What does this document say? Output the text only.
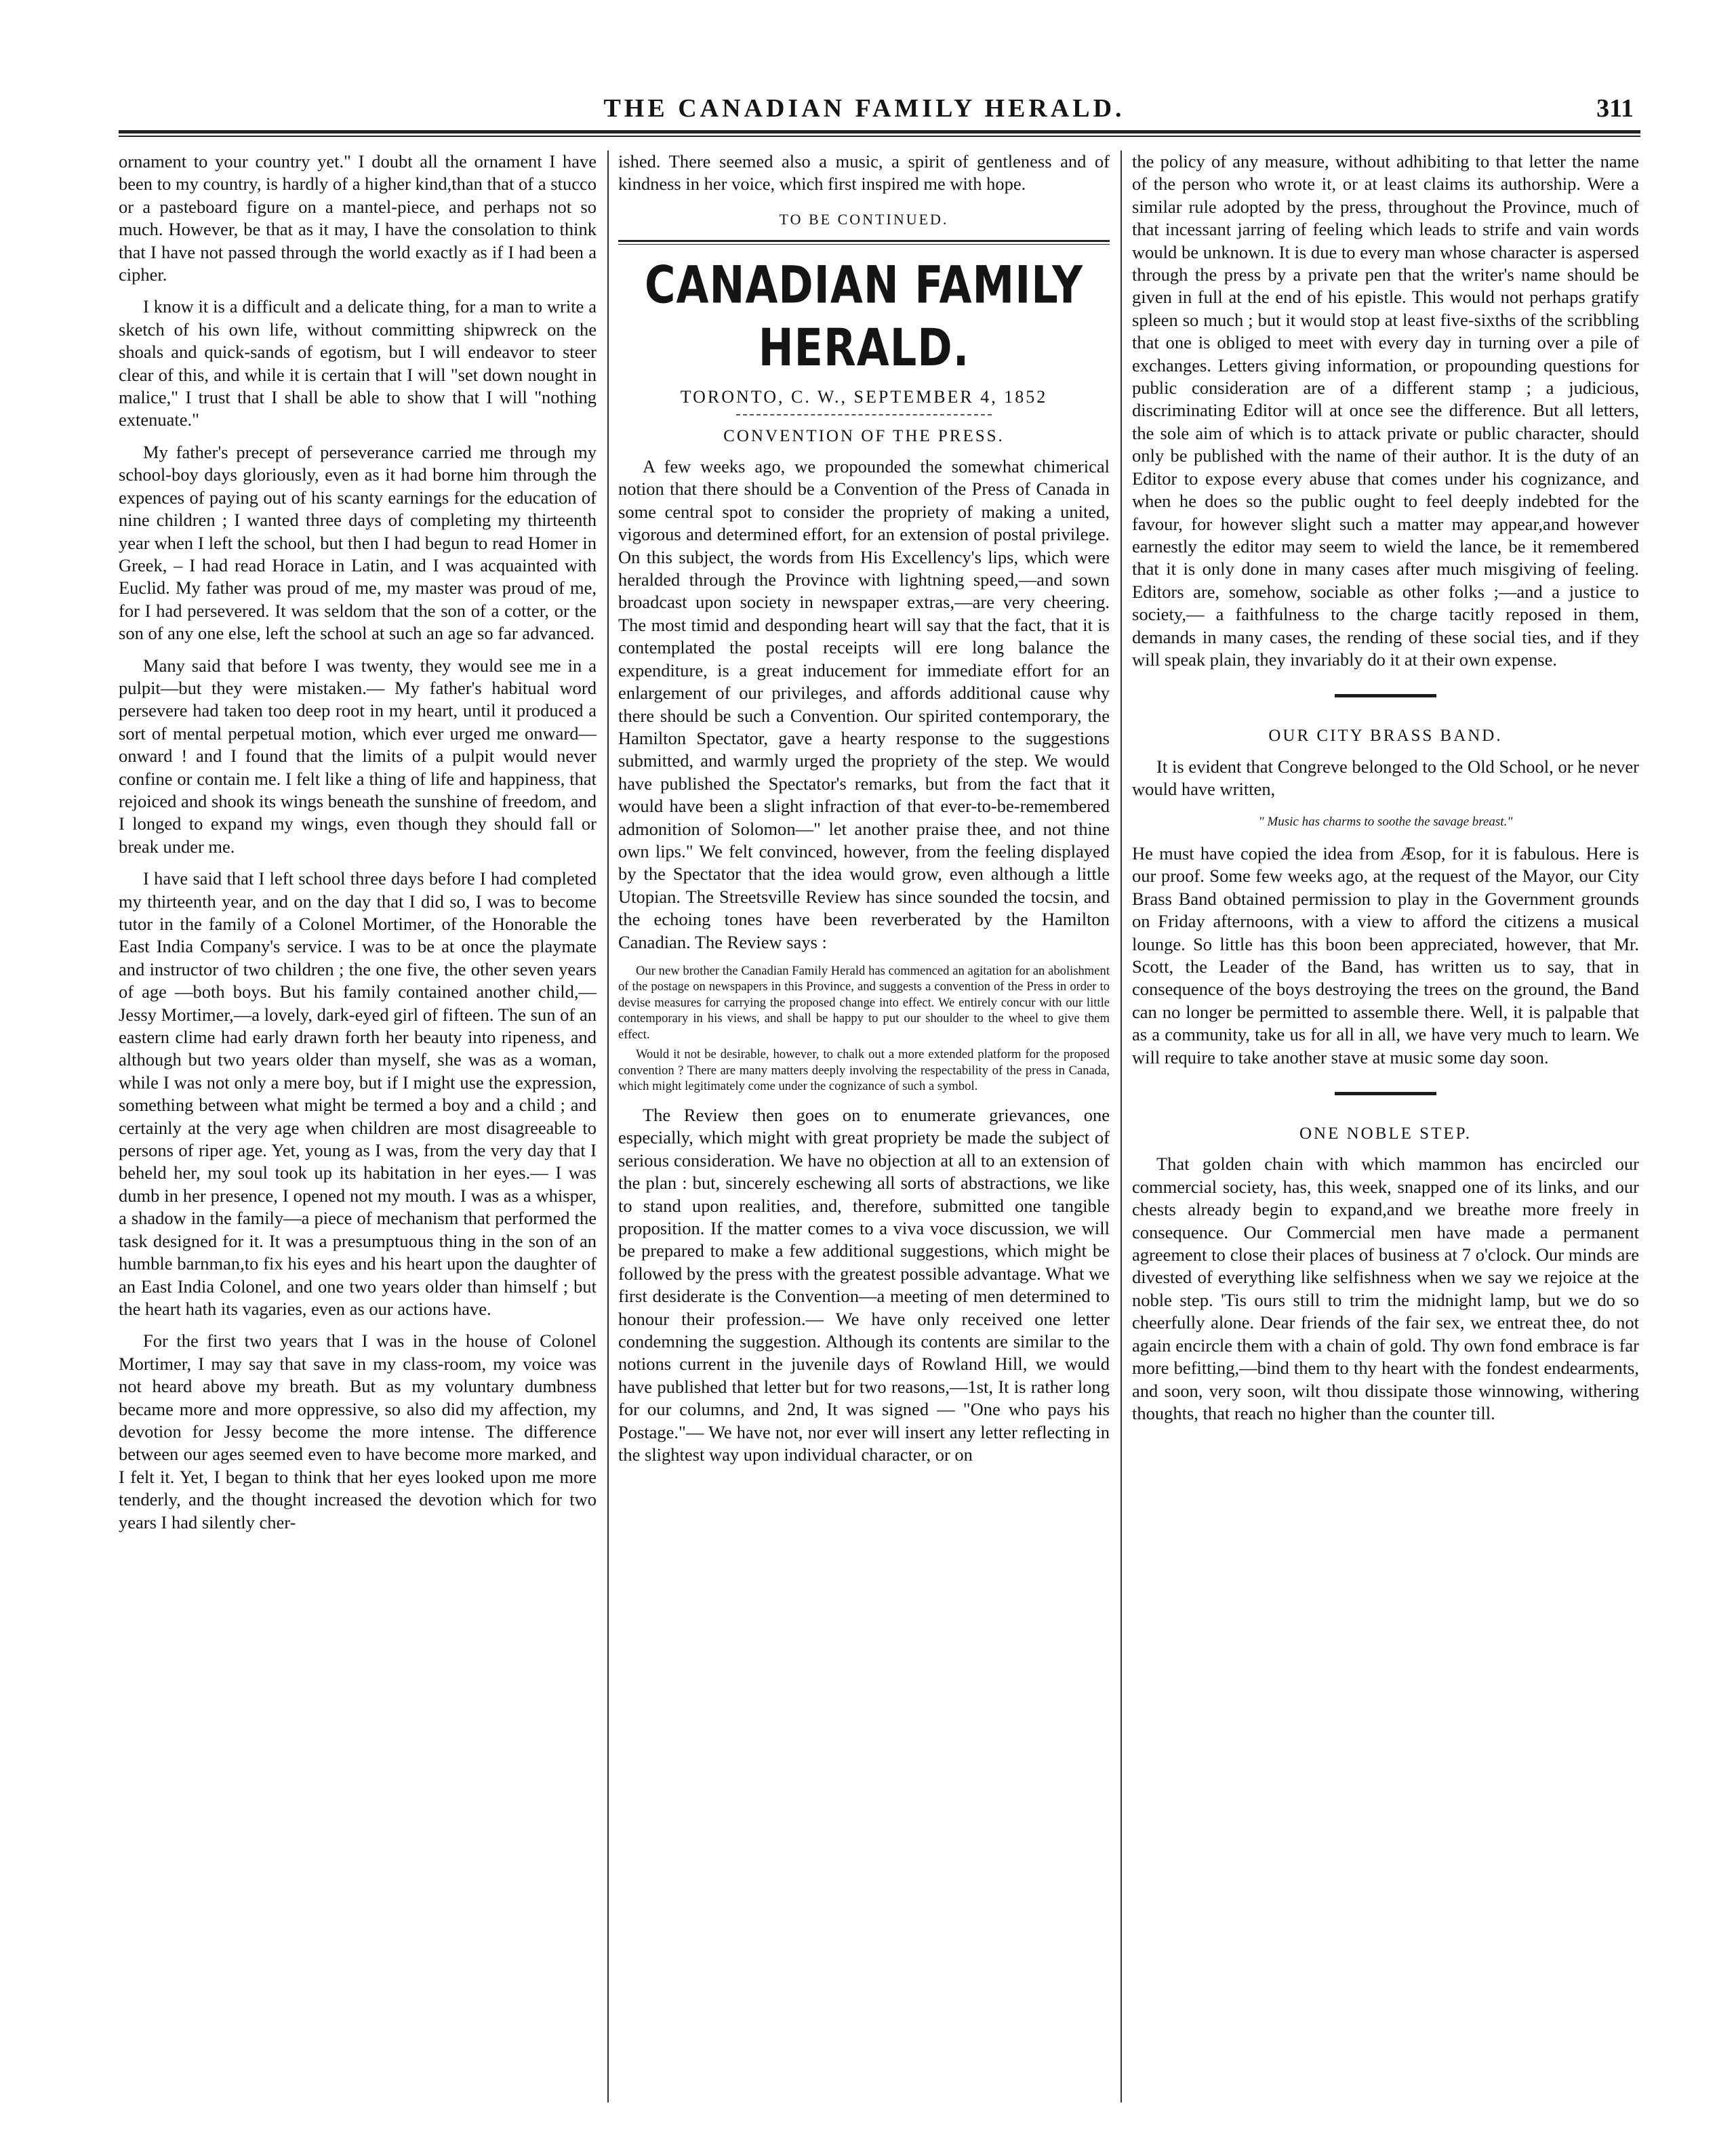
THE CANADIAN FAMILY HERALD.	311

ornament to your country yet." I doubt all the ornament I have been to my country, is hardly of a higher kind,than that of a stucco or a pasteboard figure on a mantel-piece, and perhaps not so much. However, be that as it may, I have the consolation to think that I have not passed through the world exactly as if I had been a cipher.

I know it is a difficult and a delicate thing, for a man to write a sketch of his own life, without committing shipwreck on the shoals and quick-sands of egotism, but I will endeavor to steer clear of this, and while it is certain that I will "set down nought in malice," I trust that I shall be able to show that I will "nothing extenuate."

My father's precept of perseverance carried me through my school-boy days gloriously, even as it had borne him through the expences of paying out of his scanty earnings for the education of nine children ; I wanted three days of completing my thirteenth year when I left the school, but then I had begun to read Homer in Greek, – I had read Horace in Latin, and I was acquainted with Euclid. My father was proud of me, my master was proud of me, for I had persevered. It was seldom that the son of a cotter, or the son of any one else, left the school at such an age so far advanced.

Many said that before I was twenty, they would see me in a pulpit—but they were mistaken.— My father's habitual word persevere had taken too deep root in my heart, until it produced a sort of mental perpetual motion, which ever urged me onward—onward ! and I found that the limits of a pulpit would never confine or contain me. I felt like a thing of life and happiness, that rejoiced and shook its wings beneath the sunshine of freedom, and I longed to expand my wings, even though they should fall or break under me.

I have said that I left school three days before I had completed my thirteenth year, and on the day that I did so, I was to become tutor in the family of a Colonel Mortimer, of the Honorable the East India Company's service. I was to be at once the playmate and instructor of two children ; the one five, the other seven years of age —both boys. But his family contained another child,—Jessy Mortimer,—a lovely, dark-eyed girl of fifteen. The sun of an eastern clime had early drawn forth her beauty into ripeness, and although but two years older than myself, she was as a woman, while I was not only a mere boy, but if I might use the expression, something between what might be termed a boy and a child ; and certainly at the very age when children are most disagreeable to persons of riper age. Yet, young as I was, from the very day that I beheld her, my soul took up its habitation in her eyes.— I was dumb in her presence, I opened not my mouth. I was as a whisper, a shadow in the family—a piece of mechanism that performed the task designed for it. It was a presumptuous thing in the son of an humble barnman,to fix his eyes and his heart upon the daughter of an East India Colonel, and one two years older than himself ; but the heart hath its vagaries, even as our actions have.

For the first two years that I was in the house of Colonel Mortimer, I may say that save in my class-room, my voice was not heard above my breath. But as my voluntary dumbness became more and more oppressive, so also did my affection, my devotion for Jessy become the more intense. The difference between our ages seemed even to have become more marked, and I felt it. Yet, I began to think that her eyes looked upon me more tenderly, and the thought increased the devotion which for two years I had silently cher-

ished. There seemed also a music, a spirit of gentleness and of kindness in her voice, which first inspired me with hope.

TO BE CONTINUED.
CANADIAN FAMILY HERALD.
TORONTO, C. W., SEPTEMBER 4, 1852
CONVENTION OF THE PRESS.

A few weeks ago, we propounded the somewhat chimerical notion that there should be a Convention of the Press of Canada in some central spot to consider the propriety of making a united, vigorous and determined effort, for an extension of postal privilege. On this subject, the words from His Excellency's lips, which were heralded through the Province with lightning speed,—and sown broadcast upon society in newspaper extras,—are very cheering. The most timid and desponding heart will say that the fact, that it is contemplated the postal receipts will ere long balance the expenditure, is a great inducement for immediate effort for an enlargement of our privileges, and affords additional cause why there should be such a Convention. Our spirited contemporary, the Hamilton Spectator, gave a hearty response to the suggestions submitted, and warmly urged the propriety of the step. We would have published the Spectator's remarks, but from the fact that it would have been a slight infraction of that ever-to-be-remembered admonition of Solomon—" let another praise thee, and not thine own lips." We felt convinced, however, from the feeling displayed by the Spectator that the idea would grow, even although a little Utopian. The Streetsville Review has since sounded the tocsin, and the echoing tones have been reverberated by the Hamilton Canadian. The Review says :

Our new brother the Canadian Family Herald has commenced an agitation for an abolishment of the postage on newspapers in this Province, and suggests a convention of the Press in order to devise measures for carrying the proposed change into effect. We entirely concur with our little contemporary in his views, and shall be happy to put our shoulder to the wheel to give them effect.

Would it not be desirable, however, to chalk out a more extended platform for the proposed convention ? There are many matters deeply involving the respectability of the press in Canada, which might legitimately come under the cognizance of such a symbol.

The Review then goes on to enumerate grievances, one especially, which might with great propriety be made the subject of serious consideration. We have no objection at all to an extension of the plan : but, sincerely eschewing all sorts of abstractions, we like to stand upon realities, and, therefore, submitted one tangible proposition. If the matter comes to a viva voce discussion, we will be prepared to make a few additional suggestions, which might be followed by the press with the greatest possible advantage. What we first desiderate is the Convention—a meeting of men determined to honour their profession.— We have only received one letter condemning the suggestion. Although its contents are similar to the notions current in the juvenile days of Rowland Hill, we would have published that letter but for two reasons,—1st, It is rather long for our columns, and 2nd, It was signed — "One who pays his Postage."— We have not, nor ever will insert any letter reflecting in the slightest way upon individual character, or on

the policy of any measure, without adhibiting to that letter the name of the person who wrote it, or at least claims its authorship. Were a similar rule adopted by the press, throughout the Province, much of that incessant jarring of feeling which leads to strife and vain words would be unknown. It is due to every man whose character is aspersed through the press by a private pen that the writer's name should be given in full at the end of his epistle. This would not perhaps gratify spleen so much ; but it would stop at least five-sixths of the scribbling that one is obliged to meet with every day in turning over a pile of exchanges. Letters giving information, or propounding questions for public consideration are of a different stamp ; a judicious, discriminating Editor will at once see the difference. But all letters, the sole aim of which is to attack private or public character, should only be published with the name of their author. It is the duty of an Editor to expose every abuse that comes under his cognizance, and when he does so the public ought to feel deeply indebted for the favour, for however slight such a matter may appear,and however earnestly the editor may seem to wield the lance, be it remembered that it is only done in many cases after much misgiving of feeling. Editors are, somehow, sociable as other folks ;—and a justice to society,— a faithfulness to the charge tacitly reposed in them, demands in many cases, the rending of these social ties, and if they will speak plain, they invariably do it at their own expense.

OUR CITY BRASS BAND.

It is evident that Congreve belonged to the Old School, or he never would have written,

" Music has charms to soothe the savage breast."

He must have copied the idea from Æsop, for it is fabulous. Here is our proof. Some few weeks ago, at the request of the Mayor, our City Brass Band obtained permission to play in the Government grounds on Friday afternoons, with a view to afford the citizens a musical lounge. So little has this boon been appreciated, however, that Mr. Scott, the Leader of the Band, has written us to say, that in consequence of the boys destroying the trees on the ground, the Band can no longer be permitted to assemble there. Well, it is palpable that as a community, take us for all in all, we have very much to learn. We will require to take another stave at music some day soon.

ONE NOBLE STEP.

That golden chain with which mammon has encircled our commercial society, has, this week, snapped one of its links, and our chests already begin to expand,and we breathe more freely in consequence. Our Commercial men have made a permanent agreement to close their places of business at 7 o'clock. Our minds are divested of everything like selfishness when we say we rejoice at the noble step. 'Tis ours still to trim the midnight lamp, but we do so cheerfully alone. Dear friends of the fair sex, we entreat thee, do not again encircle them with a chain of gold. Thy own fond embrace is far more befitting,—bind them to thy heart with the fondest endearments, and soon, very soon, wilt thou dissipate those winnowing, withering thoughts, that reach no higher than the counter till.
